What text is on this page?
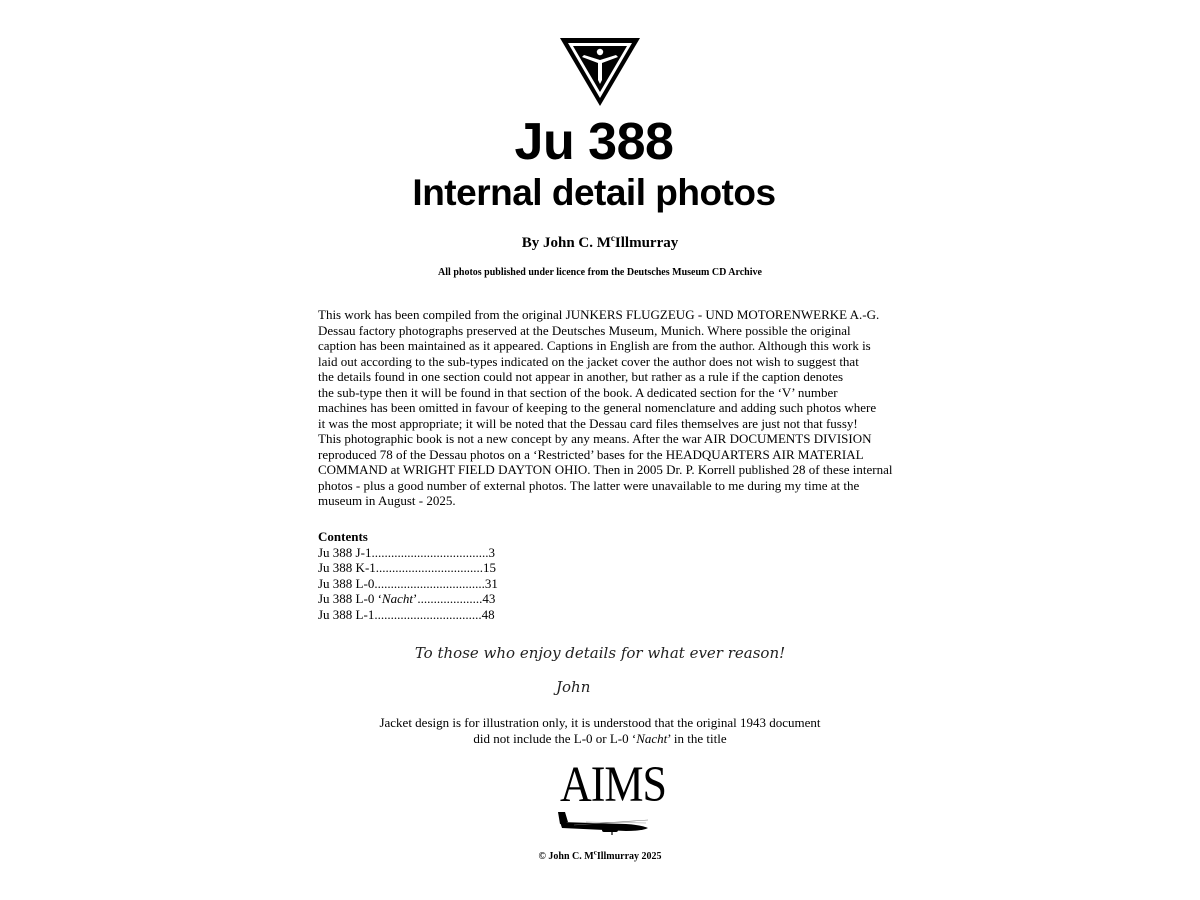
Ju 388
Internal detail photos
By John C. $M^cIllmurray$
All photos published under licence from the Deutsches Museum CD Archive
This work has been compiled from the original JUNKERS FLUGZEUG - UND MOTORENWERKE A.-G.
Dessau factory photographs preserved at the Deutsches Museum, Munich. Where possible the original
caption has been maintained as it appeared. Captions in English are from the author. Although this work is
laid out according to the sub-types indicated on the jacket cover the author does not wish to suggest that
the details found in one section could not appear in another, but rather as a rule if the caption denotes
the sub-type then it will be found in that section of the book. A dedicated section for the ‘V’ number
machines has been omitted in favour of keeping to the general nomenclature and adding such photos where
it was the most appropriate; it will be noted that the Dessau card files themselves are just not that fussy!
This photographic book is not a new concept by any means. After the war AIR DOCUMENTS DIVISION
reproduced 78 of the Dessau photos on a ‘Restricted’ bases for the HEADQUARTERS AIR MATERIAL
COMMAND at WRIGHT FIELD DAYTON OHIO. Then in 2005 Dr. P. Korrell published 28 of these internal
photos - plus a good number of external photos. The latter were unavailable to me during my time at the
museum in August - 2025.
Contents
Ju 388 J-1....................................3
Ju 388 K-1.................................15
Ju 388 L-0..................................31
Ju 388 L-0 ‘Nacht’....................43
Ju 388 L-1.................................48
To those who enjoy details for what ever reason!
John
Jacket design is for illustration only, it is understood that the original 1943 document
did not include the L-0 or L-0 ‘Nacht’ in the title
AIMS
© John C. $M^cIllmurray$ 2025
